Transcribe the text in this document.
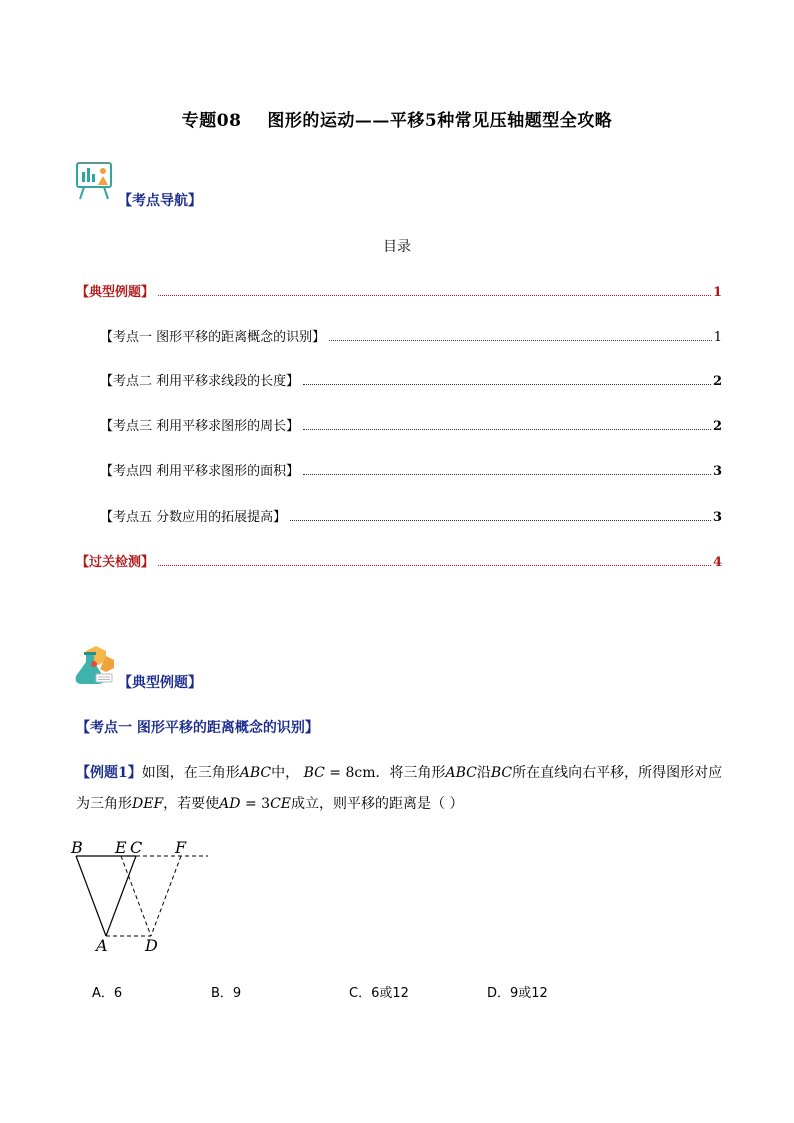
专题08 图形的运动——平移5种常见压轴题型全攻略
【考点导航】
目录
【典型例题】	1
【考点一 图形平移的距离概念的识别】	1
【考点二 利用平移求线段的长度】	2
【考点三 利用平移求图形的周长】	2
【考点四 利用平移求图形的面积】	3
【考点五 分数应用的拓展提高】	3
【过关检测】	4
【典型例题】
【考点一 图形平移的距离概念的识别】
【例题1】如图，在三角形ABC中， BC = 8cm．将三角形ABC沿BC所在直线向右平移，所得图形对应
为三角形DEF，若要使AD = 3CE成立，则平移的距离是（ ）
B E C F
A D
A．6	B．9	C．6或12	D．9或12
